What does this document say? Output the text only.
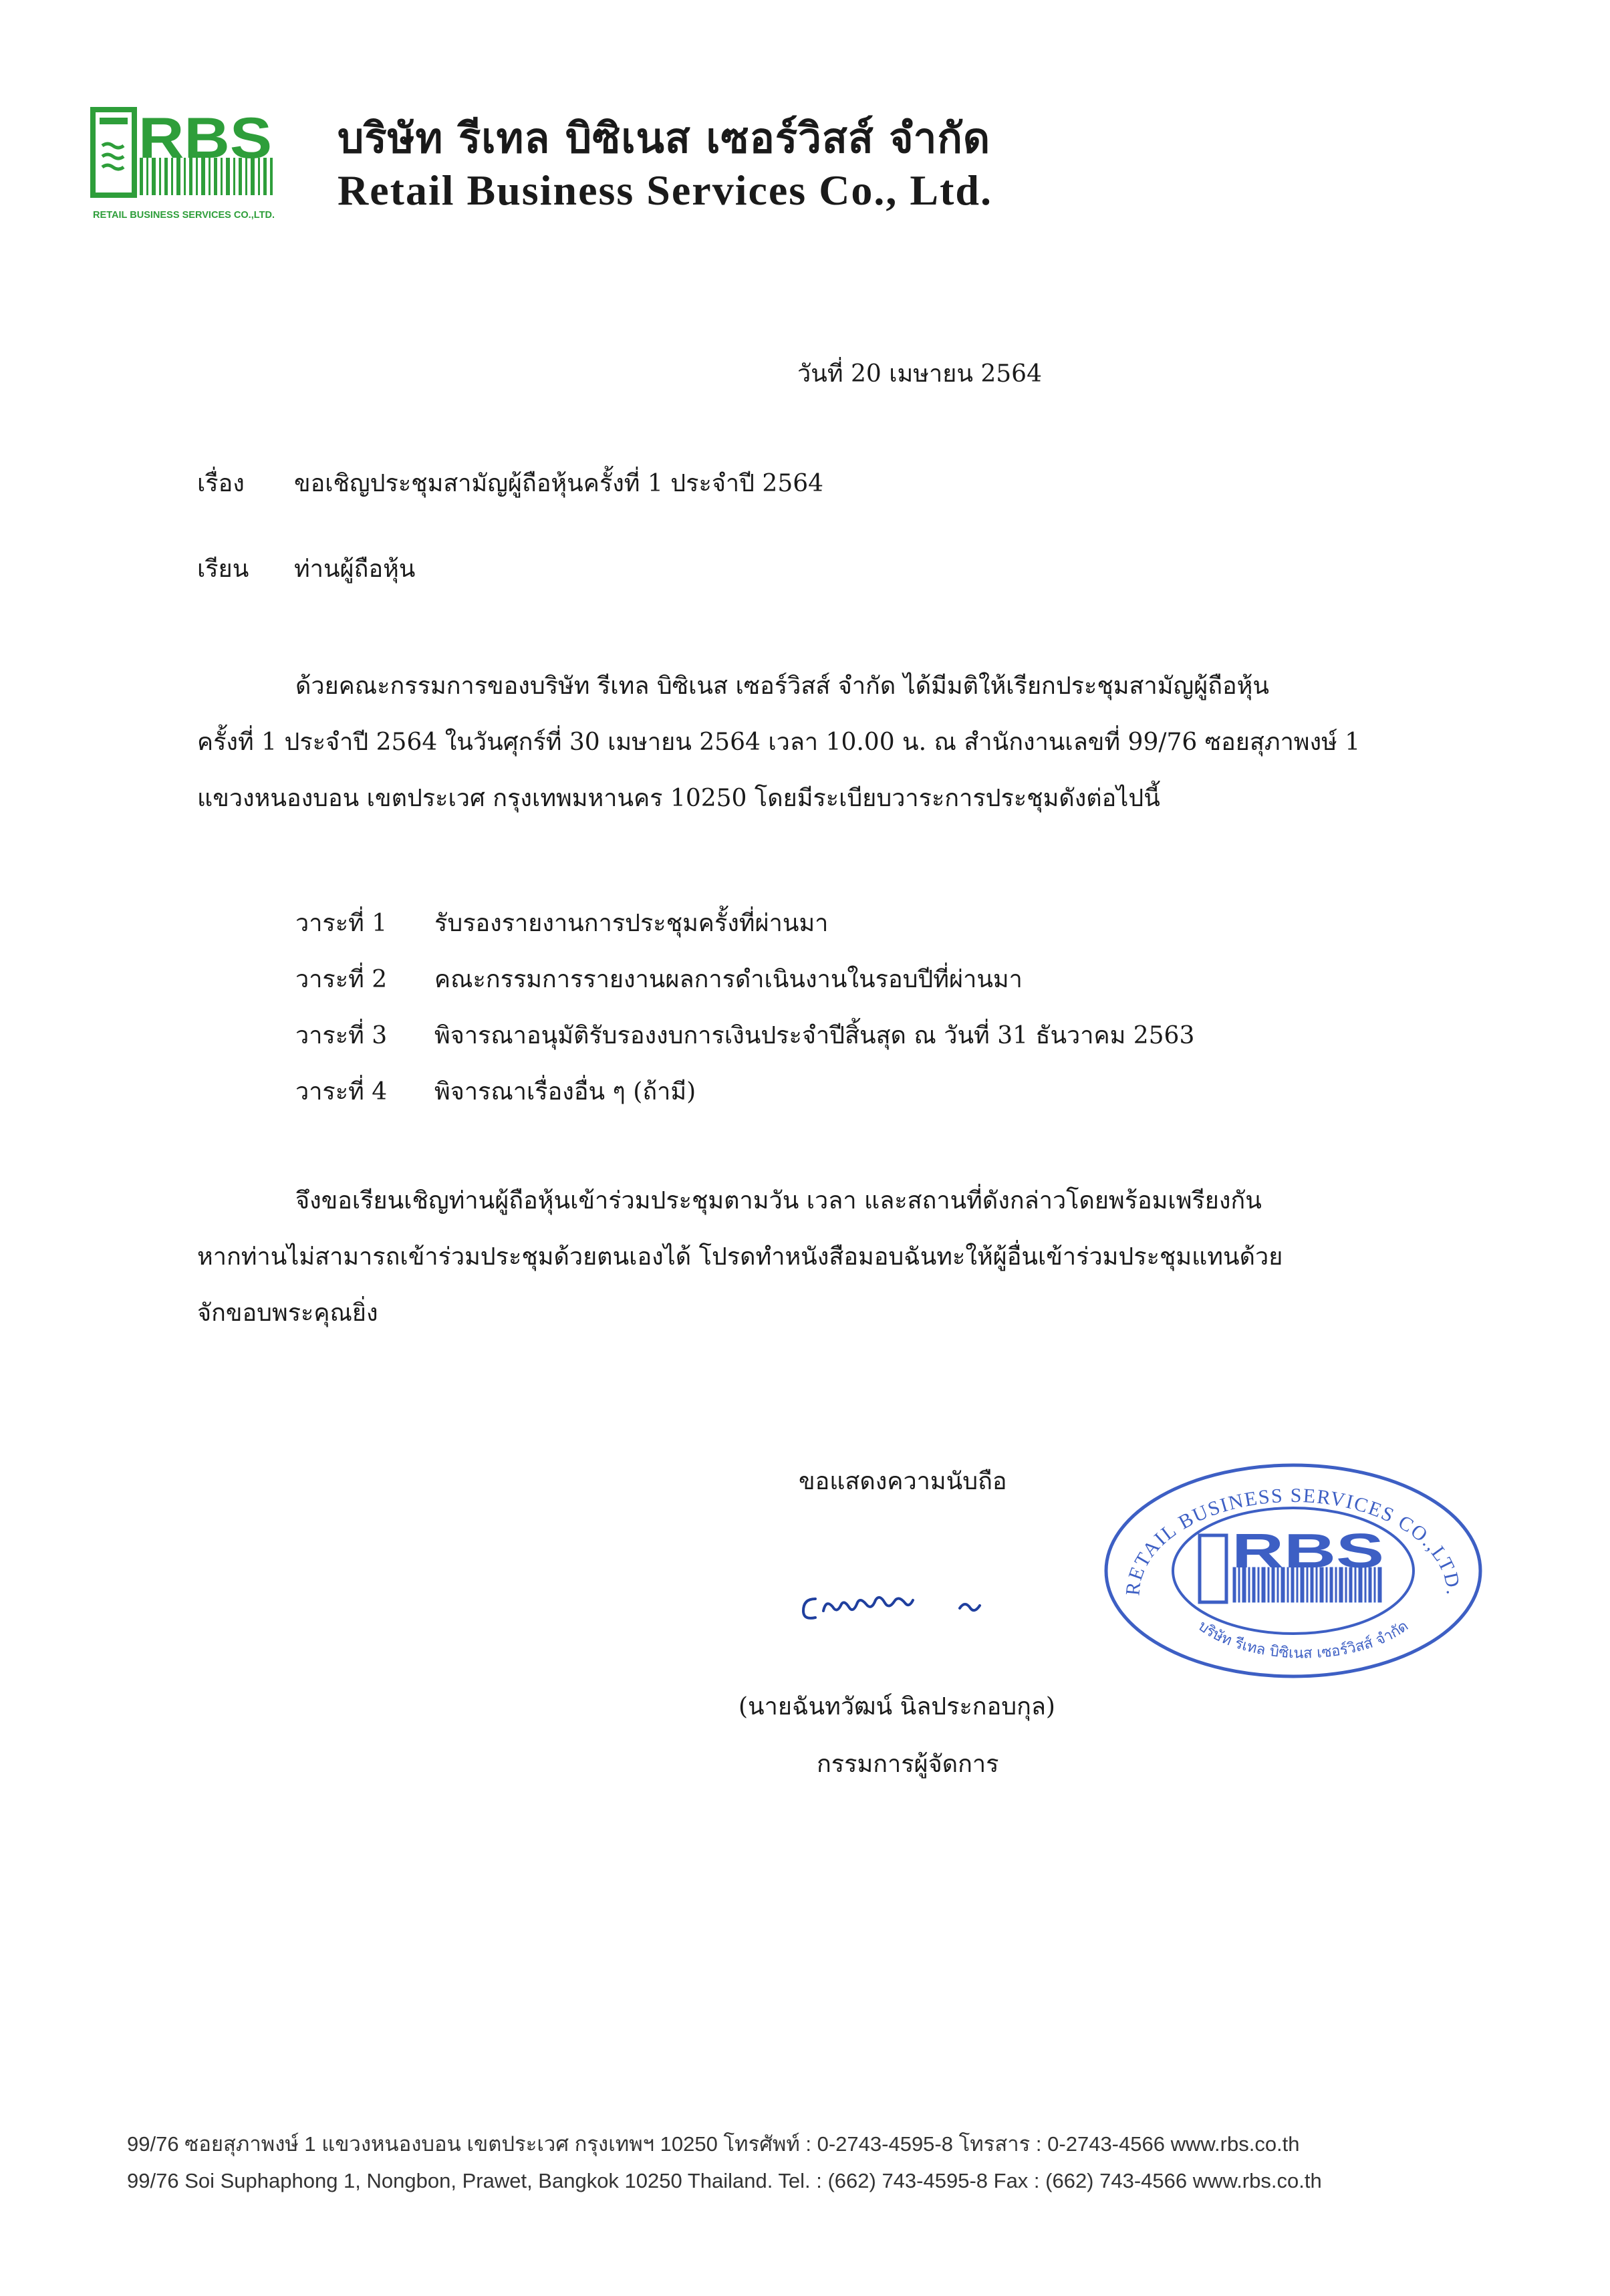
RBS
RETAIL BUSINESS SERVICES CO.,LTD.
บริษัท รีเทล บิซิเนส เซอร์วิสส์ จำกัด
Retail Business Services Co., Ltd.
วันที่ 20 เมษายน 2564
เรื่อง ขอเชิญประชุมสามัญผู้ถือหุ้นครั้งที่ 1 ประจำปี 2564
เรียน ท่านผู้ถือหุ้น
ด้วยคณะกรรมการของบริษัท รีเทล บิซิเนส เซอร์วิสส์ จำกัด ได้มีมติให้เรียกประชุมสามัญผู้ถือหุ้น
ครั้งที่ 1 ประจำปี 2564 ในวันศุกร์ที่ 30 เมษายน 2564 เวลา 10.00 น. ณ สำนักงานเลขที่ 99/76 ซอยสุภาพงษ์ 1
แขวงหนองบอน เขตประเวศ กรุงเทพมหานคร 10250 โดยมีระเบียบวาระการประชุมดังต่อไปนี้
วาระที่ 1 รับรองรายงานการประชุมครั้งที่ผ่านมา
วาระที่ 2 คณะกรรมการรายงานผลการดำเนินงานในรอบปีที่ผ่านมา
วาระที่ 3 พิจารณาอนุมัติรับรองงบการเงินประจำปีสิ้นสุด ณ วันที่ 31 ธันวาคม 2563
วาระที่ 4 พิจารณาเรื่องอื่น ๆ (ถ้ามี)
จึงขอเรียนเชิญท่านผู้ถือหุ้นเข้าร่วมประชุมตามวัน เวลา และสถานที่ดังกล่าวโดยพร้อมเพรียงกัน
หากท่านไม่สามารถเข้าร่วมประชุมด้วยตนเองได้ โปรดทำหนังสือมอบฉันทะให้ผู้อื่นเข้าร่วมประชุมแทนด้วย
จักขอบพระคุณยิ่ง
ขอแสดงความนับถือ
(นายฉันทวัฒน์ นิลประกอบกุล)
กรรมการผู้จัดการ
RETAIL BUSINESS SERVICES CO.,LTD.
บริษัท รีเทล บิซิเนส เซอร์วิสส์ จำกัด
RBS
99/76 ซอยสุภาพงษ์ 1 แขวงหนองบอน เขตประเวศ กรุงเทพฯ 10250 โทรศัพท์ : 0-2743-4595-8 โทรสาร : 0-2743-4566 www.rbs.co.th
99/76 Soi Suphaphong 1, Nongbon, Prawet, Bangkok 10250 Thailand. Tel. : (662) 743-4595-8 Fax : (662) 743-4566 www.rbs.co.th
